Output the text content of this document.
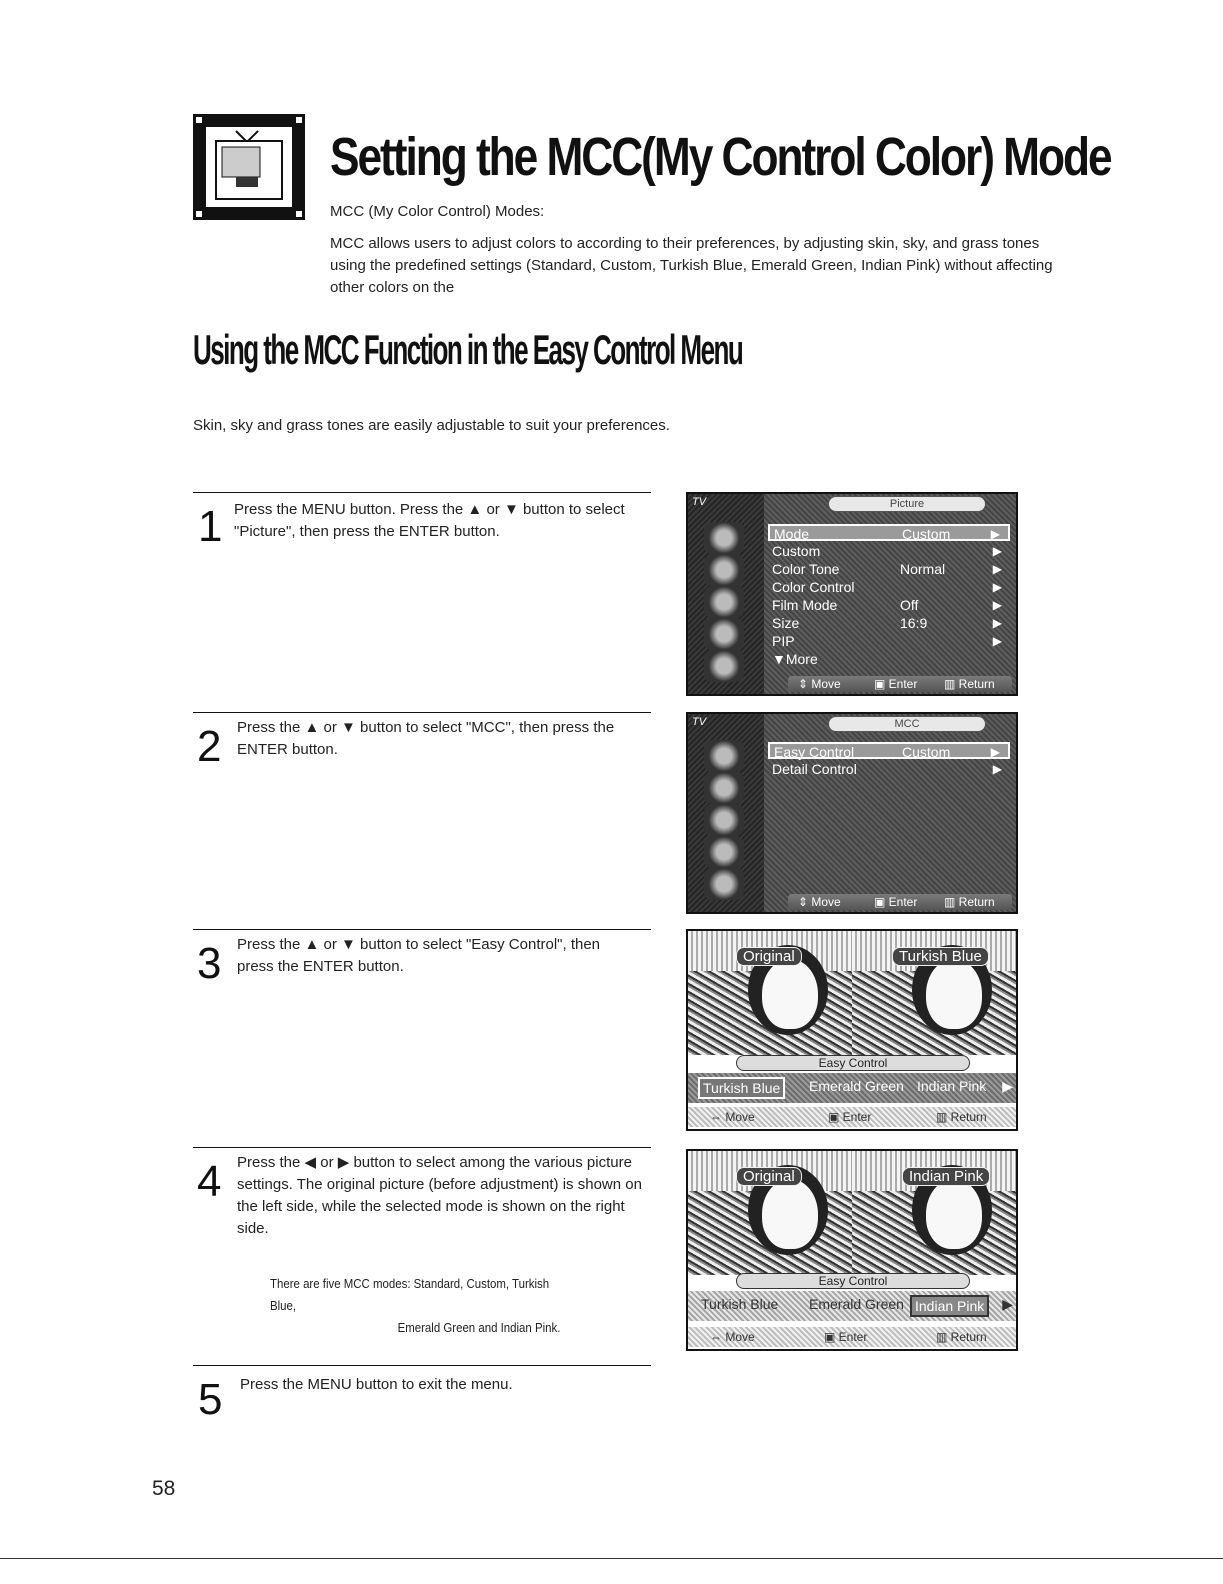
Setting the MCC(My Control Color) Mode
MCC (My Color Control) Modes:
MCC allows users to adjust colors to according to their preferences, by adjusting skin, sky, and grass tones using the predefined settings (Standard, Custom, Turkish Blue, Emerald Green, Indian Pink) without affecting other colors on the
Using the MCC Function in the Easy Control Menu
Skin, sky and grass tones are easily adjustable to suit your preferences.
1 Press the MENU button. Press the ▲ or ▼ button to select "Picture", then press the ENTER button.
2 Press the ▲ or ▼ button to select "MCC", then press the ENTER button.
3 Press the ▲ or ▼ button to select "Easy Control", then press the ENTER button.
4 Press the ◀ or ▶ button to select among the various picture settings. The original picture (before adjustment) is shown on the left side, while the selected mode is shown on the right side.
There are five MCC modes: Standard, Custom, Turkish Blue,
Emerald Green and Indian Pink.
5 Press the MENU button to exit the menu.
TV	Picture
Mode	Custom	▶
Custom	▶
Color Tone	Normal	▶
Color Control	▶
Film Mode	Off	▶
Size	16:9	▶
PIP	▶
▼More
⇕ Move	▣ Enter ▥ Return
TV	MCC
Easy Control	Custom	▶
Detail Control	▶
⇕ Move	▣ Enter ▥ Return
Original	Turkish Blue
Easy Control
Turkish Blue	Emerald Green Indian Pink ▶
⇔ Move	▣ Enter	▥ Return
Original	Indian Pink
Easy Control
Turkish Blue Emerald Green Indian Pink	▶
⇔ Move	▣ Enter	▥ Return
58
